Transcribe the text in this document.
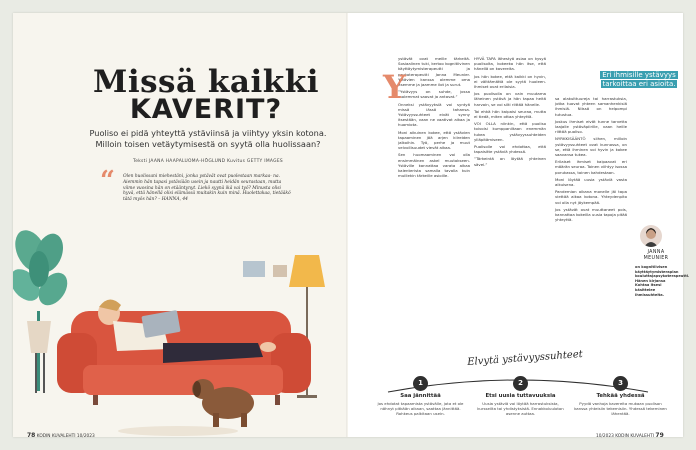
Missä kaikki
KAVERIT?
Puoliso ei pidä yhteyttä ystäviinsä ja viihtyy yksin kotona. Milloin toisen vetäytymisestä on syytä olla huolissaan?
Teksti JAANA HAAPALUOMA-HÖGLUND Kuvitus GETTY IMAGES
“ Olen huolissani miehestäni, jonka ystävät ovat puolestaan ​​markaa​- na. Aiemmin hän tapasi ystäviään usein ja nautti heidän seurastaan, mutta viime vuosina hän on etääntynyt. Liekö syynä ikä vai työ? Minusta olisi hyvä, että hänellä olisi elämässä muitakin kuin minä. Huolettakaa, tietääkö tätä myös hän? – HANNA, 44

ystävät ovat meille tärkeitä. Sosiaalinen tuki, kertoo kognitiivinen käyttäytymisterapeutti ja psykoterapeutti Janna Meunier. Ystävien kanssa olemme oma itsemme ja jaamme ilot ja surut.

”Ystävyys on suhde, jossa molemmat saavat ja antavat.”

Onneksi ystävyyksiä voi syntyä missä iässä tahansa. Ystävyyssuhteet eivät synny itsestään, vaan ne vaativat aikaa ja huomiota.

Moni aikuinen kokee, että ystävien tapaaminen jää arjen kiireiden jalkoihin. Työ, perhe ja muut velvollisuudet vievät aikaa.

Sen huomaaminen voi olla ensimmäinen askel muutokseen. Ystäville kannattaa varata aikaa kalenterista samalla tavalla kuin muillekin tärkeille asioille.

HYVÄ TAPA lähestyä asiaa on kysyä puolisolta, kokeeko hän itse, että hänellä on kavereita.

Jos hän kokee, että kaikki on hyvin, ei välttämättä ole syytä huoleen. Ihmiset ovat erilaisia.

Jos puolisolla on vain muutama läheinen ystävä ja hän tapaa heitä harvoin, se voi silti riittää hänelle.

Tai ehkä hän kaipaisi seuraa, mutta ei tiedä, miten ottaa yhteyttä.

VOI OLLA niinkin, että puoliso toivoisi kumppaniltaan enemmän tukea ystävyyssuhteiden ylläpitämiseen.

Puolisolle voi ehdottaa, että tapaisitte ystäviä yhdessä.

”Tärkeintä on löytää yhteinen sävel.”

sa alakulttuureja tai harrastuksia, jotka tuovat yhteen samanhenkisiä ihmisiä. Niissä on helpompi tutustua.

Joskus ihmiset eivät tunne tarvetta laajalle ystäväpiirille, vaan heille riittää puoliso.

NYRKKISÄÄNTÖ siihen, milloin ystävyyssuhteet ovat kunnossa, on se, että ihminen voi hyvin ja kokee saavansa tukea.

Erilaiset ihmiset kaipaavat eri määrän seuraa. Toinen viihtyy isossa porukassa, toinen kahdestaan.

Moni löytää uusia ystäviä vasta aikuisena.

Pandemian aikana monelle jäi tapa viettää aikaa kotona. Yhteydenpito voi olla nyt jäykempää.

Jos ystävät ovat muuttaneet pois, kannattaa kokeilla uusia tapoja pitää yhteyttä.

Y	Eri ihmisille ystävyys
tarkoittaa eri asioita.
JANNA
MEUNIER
on kognitiivisen käyttäytymisterapian kouluttajapsykoterapeutti. Hänen kirjansa Kohtaa itsesi käsittelee ihmissuhteita.
Elvytä ystävyyssuhteet
1
Saa jännittää
Jos ehdotat tapaamista ystävälle, jota et ole nähnyt pitkään aikaan, saattaa jännittää. Rohkeus palkitaan usein.
2
Etsi uusia tuttavuuksia
Uusia ystäviä voi löytää harrastuksista, kursseilta tai yhdistyksistä. Ennakkoluuloton asenne auttaa.
3
Tehkää yhdessä
Pyydä vanhoja kavereita mukaan puolison kanssa yhteisiin tekemisiin. Yhdessä tekeminen lähentää.
78 KODIN KUVALEHTI 10/2023	10/2023 KODIN KUVALEHTI 79
